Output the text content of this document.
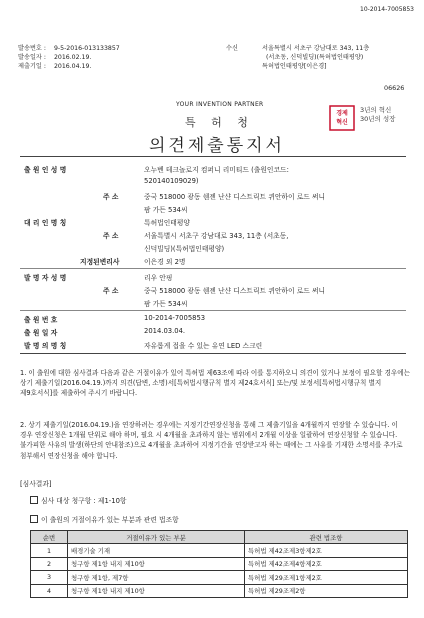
10-2014-7005853
발송번호 : 9-5-2016-013133857
발송일자 : 2016.02.19.
제출기일 : 2016.04.19.
수신	서울특별시 서초구 강남대로 343, 11층
(서초동, 신덕빌딩)(특허법인태평양)
특허법인태평양[이은경]
06626
YOUR INVENTION PARTNER
특 허 청
의견제출통지서
경제
혁신
3년의 혁신
30년의 성장
출 원 인 성 명	오누벤 테크놀로지 컴퍼니 리미티드 (출원인코드:
520140109029)
주 소	중국 518000 광동 쉔젠 난샨 디스트릭트 퀴안하이 로드 써니
팜 가든 534씨
대 리 인 명 칭	특허법인태평양
주 소	서울특별시 서초구 강남대로 343, 11층 (서초동,
신덕빌딩)(특허법인태평양)
지정된변리사	이은경 외 2명
발 명 자 성 명	리우 안핑
주 소	중국 518000 광동 쉔젠 난샨 디스트릭트 퀴안하이 로드 써니
팜 가든 534씨
출 원 번 호	10-2014-7005853
출 원 일 자	2014.03.04.
발 명 의 명 칭	자유롭게 접을 수 있는 유연 LED 스크린
1. 이 출원에 대한 심사결과 다음과 같은 거절이유가 있어 특허법 제63조에 따라 이를 통지하오니 의견이 있거나 보정이 필요할 경우에는 상기 제출기일(2016.04.19.)까지 의견(답변, 소명)서[특허법시행규칙 별지 제24호서식] 또는/및 보정서[특허법시행규칙 별지 제9호서식]를 제출하여 주시기 바랍니다.
2. 상기 제출기일(2016.04.19.)을 연장하려는 경우에는 지정기간연장신청을 통해 그 제출기일을 4개월까지 연장할 수 있습니다. 이 경우 연장신청은 1개월 단위로 해야 하며, 필요 시 4개월을 초과하지 않는 범위에서 2개월 이상을 일괄하여 연장신청할 수 있습니다. 불가피한 사유의 발생(하단의 안내참조)으로 4개월을 초과하여 지정기간을 연장받고자 하는 때에는 그 사유를 기재한 소명서를 추가로 첨부해서 연장신청을 해야 합니다.
[심사결과]
심사 대상 청구항 : 제1-10항
이 출원의 거절이유가 있는 부분과 관련 법조항
순번	거절이유가 있는 부분	관련 법조항
1	배경기술 기재	특허법 제42조제3항제2호
2	청구항 제1항 내지 제10항	특허법 제42조제4항제2호
3	청구항 제1항, 제7항	특허법 제29조제1항제2호
4	청구항 제1항 내지 제10항	특허법 제29조제2항
